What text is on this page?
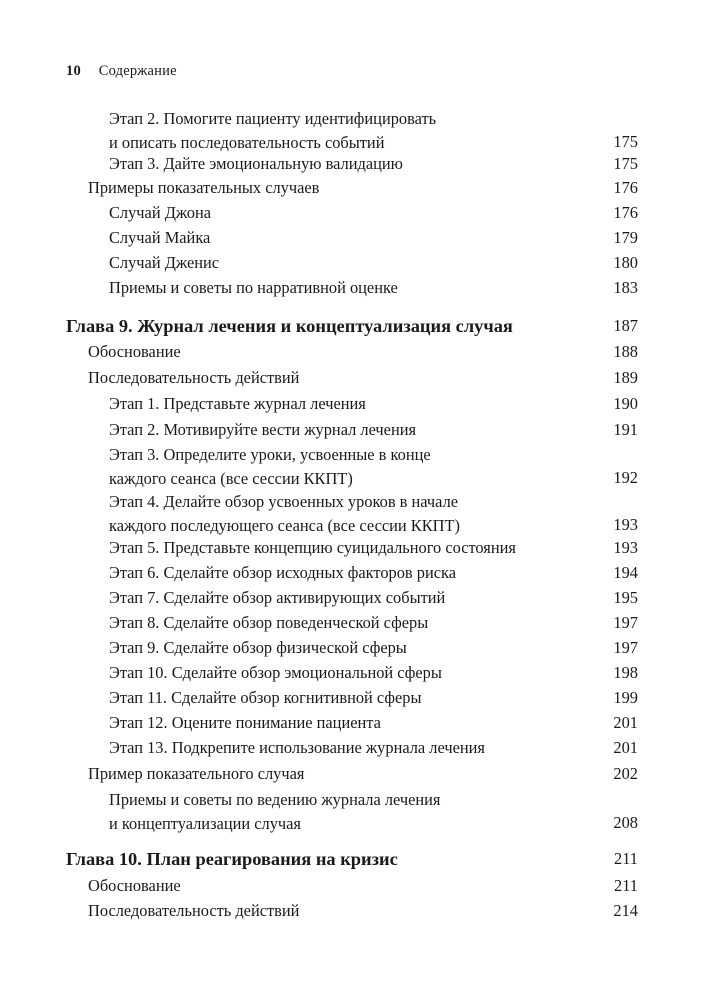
10 Содержание
Этап 2. Помогите пациенту идентифицировать
и описать последовательность событий	175
Этап 3. Дайте эмоциональную валидацию	175
Примеры показательных случаев	176
Случай Джона	176
Случай Майка	179
Случай Дженис	180
Приемы и советы по нарративной оценке	183
Глава 9. Журнал лечения и концептуализация случая	187
Обоснование	188
Последовательность действий	189
Этап 1. Представьте журнал лечения	190
Этап 2. Мотивируйте вести журнал лечения	191
Этап 3. Определите уроки, усвоенные в конце
каждого сеанса (все сессии ККПТ)	192
Этап 4. Делайте обзор усвоенных уроков в начале
каждого последующего сеанса (все сессии ККПТ)	193
Этап 5. Представьте концепцию суицидального состояния	193
Этап 6. Сделайте обзор исходных факторов риска	194
Этап 7. Сделайте обзор активирующих событий	195
Этап 8. Сделайте обзор поведенческой сферы	197
Этап 9. Сделайте обзор физической сферы	197
Этап 10. Сделайте обзор эмоциональной сферы	198
Этап 11. Сделайте обзор когнитивной сферы	199
Этап 12. Оцените понимание пациента	201
Этап 13. Подкрепите использование журнала лечения	201
Пример показательного случая	202
Приемы и советы по ведению журнала лечения
и концептуализации случая	208
Глава 10. План реагирования на кризис	211
Обоснование	211
Последовательность действий	214
